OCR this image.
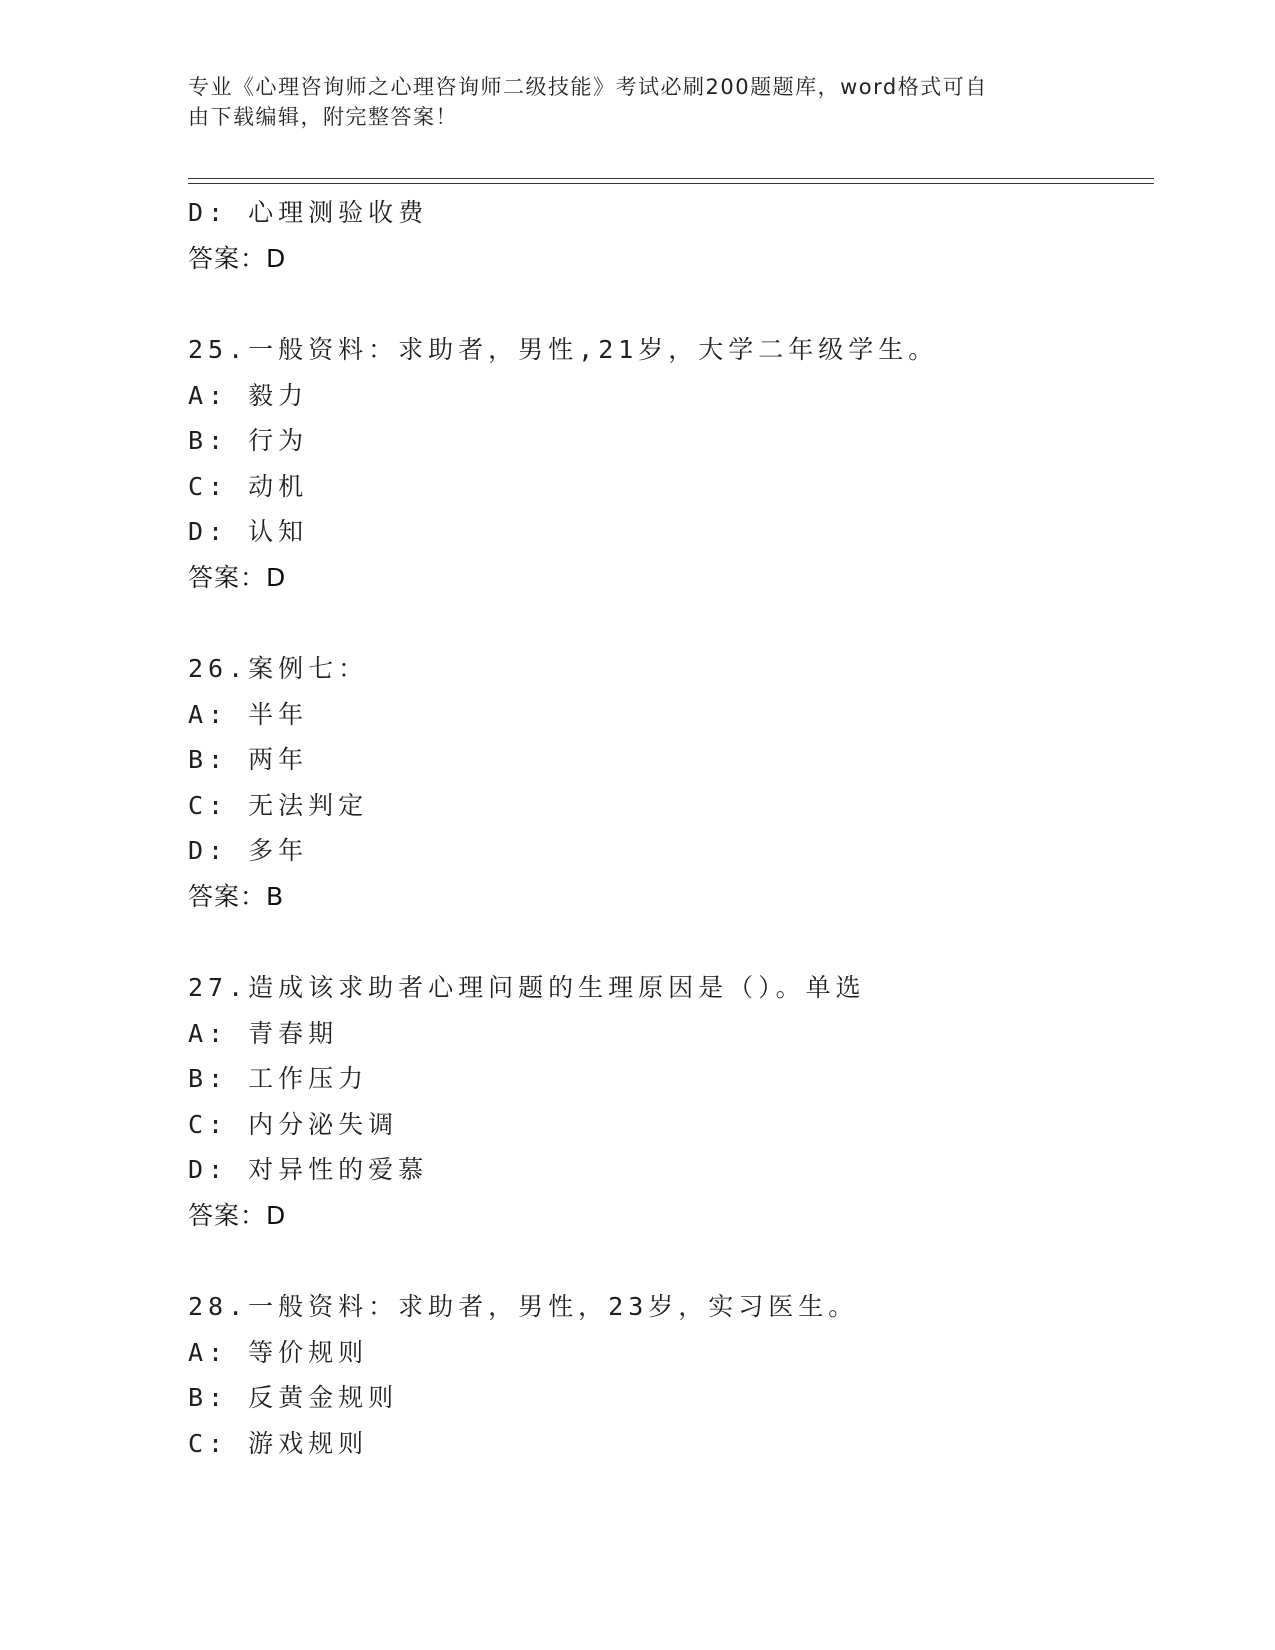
专业《心理咨询师之心理咨询师二级技能》考试必刷200题题库，word格式可自
由下载编辑，附完整答案！
D: 心理测验收费
答案：D
25.一般资料：求助者，男性,21岁，大学二年级学生。
A: 毅力
B: 行为
C: 动机
D: 认知
答案：D
26.案例七：
A: 半年
B: 两年
C: 无法判定
D: 多年
答案：B
27.造成该求助者心理问题的生理原因是（）。单选
A: 青春期
B: 工作压力
C: 内分泌失调
D: 对异性的爱慕
答案：D
28.一般资料：求助者，男性，23岁，实习医生。
A: 等价规则
B: 反黄金规则
C: 游戏规则
